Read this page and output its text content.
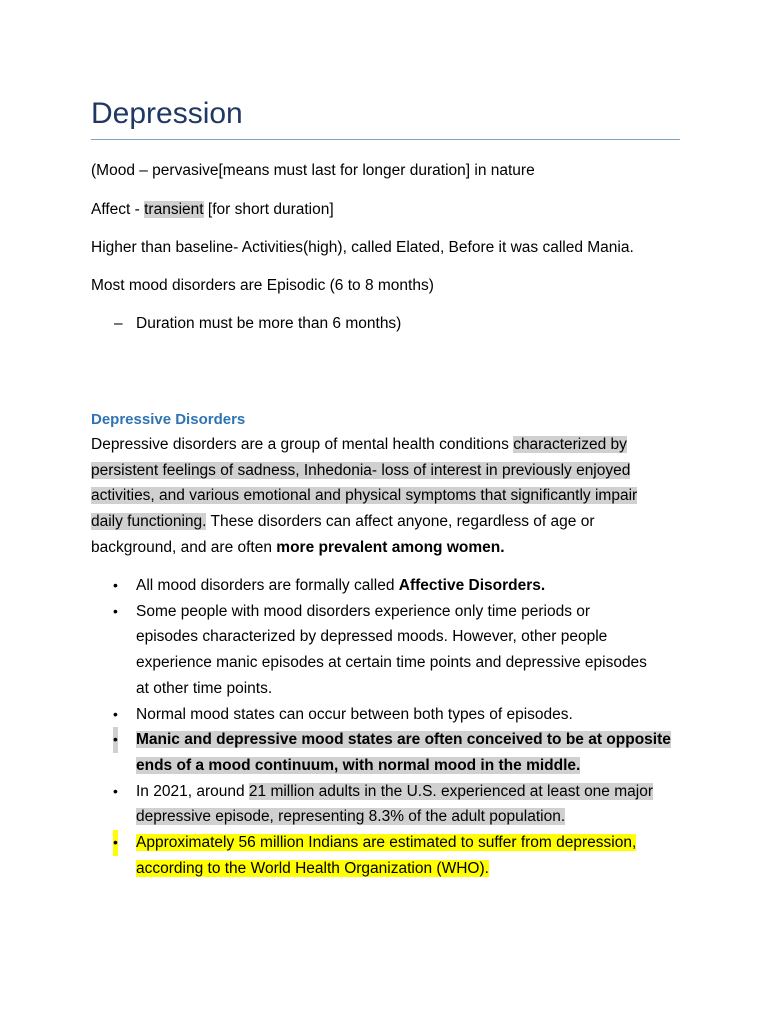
Depression
(Mood – pervasive[means must last for longer duration] in nature
Affect - transient [for short duration]
Higher than baseline- Activities(high), called Elated, Before it was called Mania.
Most mood disorders are Episodic (6 to 8 months)
– Duration must be more than 6 months)
Depressive Disorders
Depressive disorders are a group of mental health conditions characterized by
persistent feelings of sadness, Inhedonia- loss of interest in previously enjoyed
activities, and various emotional and physical symptoms that significantly impair
daily functioning. These disorders can affect anyone, regardless of age or
background, and are often more prevalent among women.
• All mood disorders are formally called Affective Disorders.
• Some people with mood disorders experience only time periods or
episodes characterized by depressed moods. However, other people
experience manic episodes at certain time points and depressive episodes
at other time points.
• Normal mood states can occur between both types of episodes.
• Manic and depressive mood states are often conceived to be at opposite
ends of a mood continuum, with normal mood in the middle.
• In 2021, around 21 million adults in the U.S. experienced at least one major
depressive episode, representing 8.3% of the adult population.
• Approximately 56 million Indians are estimated to suffer from depression,
according to the World Health Organization (WHO).
